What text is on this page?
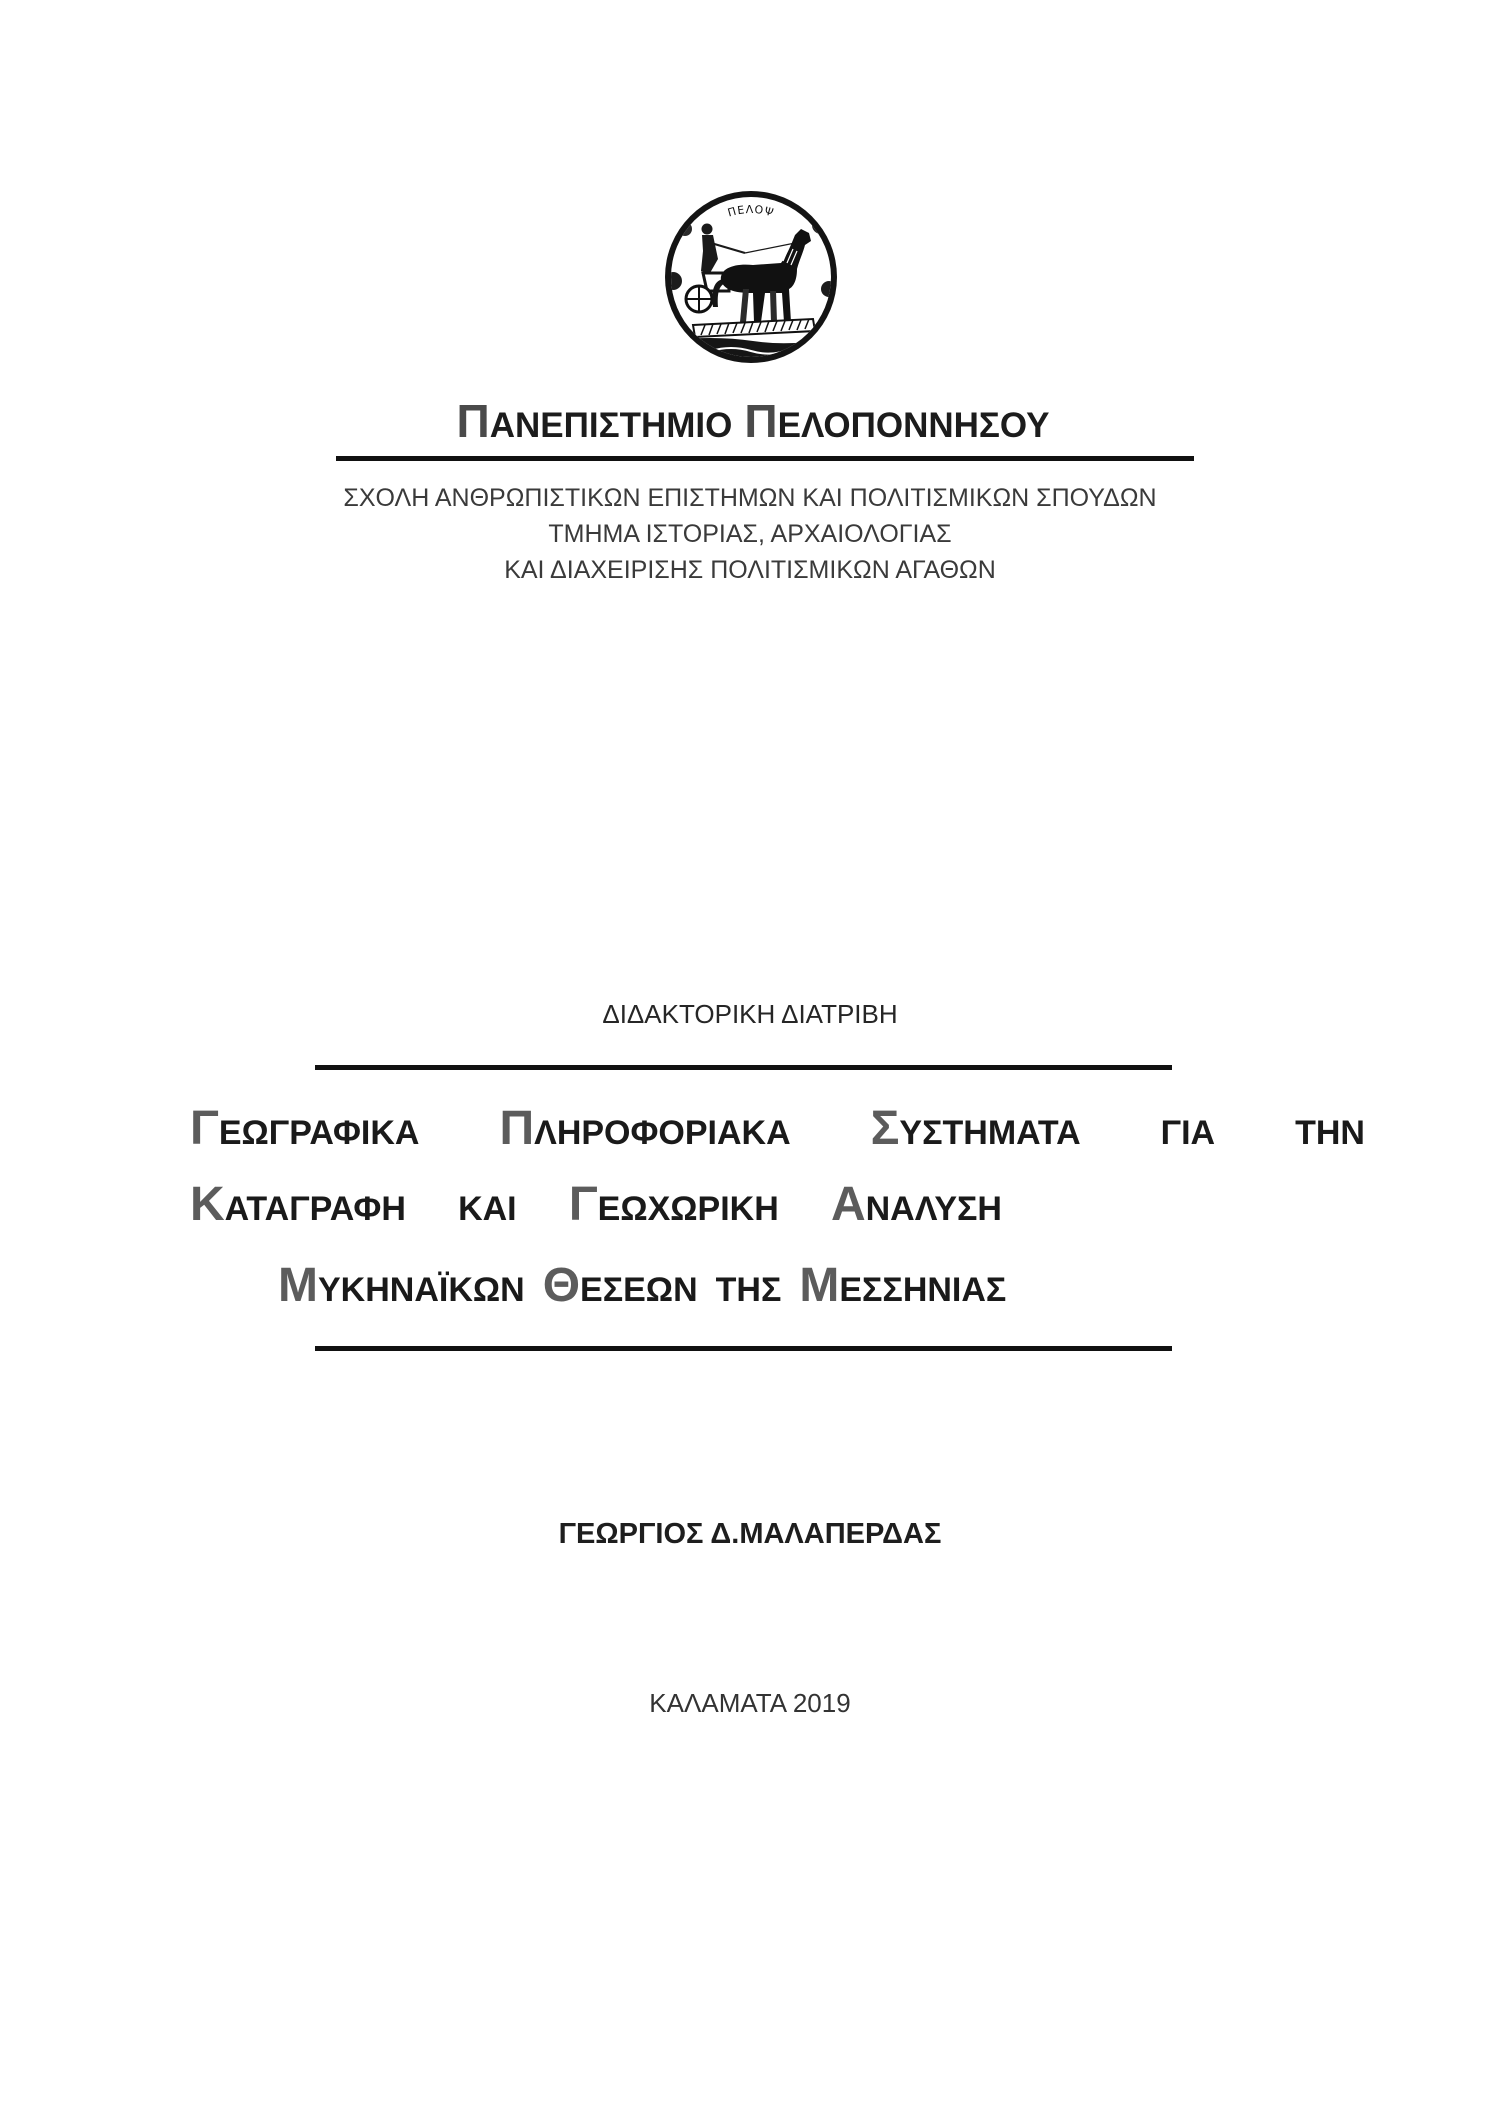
ΠΕΛΟΨ
ΠΑΝΕΠΙΣΤΗΜΙΟ ΠΕΛΟΠΟΝΝΗΣΟΥ
ΣΧΟΛΗ ΑΝΘΡΩΠΙΣΤΙΚΩΝ ΕΠΙΣΤΗΜΩΝ ΚΑΙ ΠΟΛΙΤΙΣΜΙΚΩΝ ΣΠΟΥΔΩΝ
ΤΜΗΜΑ ΙΣΤΟΡΙΑΣ, ΑΡΧΑΙΟΛΟΓΙΑΣ
ΚΑΙ ΔΙΑΧΕΙΡΙΣΗΣ ΠΟΛΙΤΙΣΜΙΚΩΝ ΑΓΑΘΩΝ
ΔΙΔΑΚΤΟΡΙΚΗ ΔΙΑΤΡΙΒΗ
ΓΕΩΓΡΑΦΙΚΑ ΠΛΗΡΟΦΟΡΙΑΚΑ ΣΥΣΤΗΜΑΤΑ ΓΙΑ ΤΗΝ
ΚΑΤΑΓΡΑΦΗ ΚΑΙ ΓΕΩΧΩΡΙΚΗ ΑΝΑΛΥΣΗ
ΜΥΚΗΝΑΪΚΩΝ ΘΕΣΕΩΝ ΤΗΣ ΜΕΣΣΗΝΙΑΣ
ΓΕΩΡΓΙΟΣ Δ.ΜΑΛΑΠΕΡΔΑΣ
ΚΑΛΑΜΑΤΑ 2019
